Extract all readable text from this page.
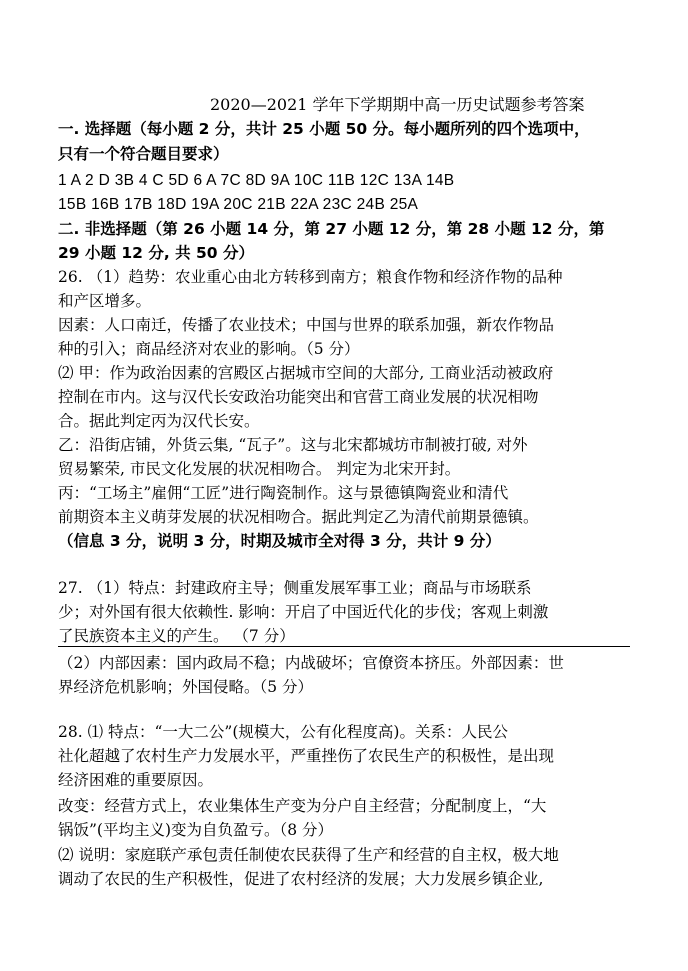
2020—2021 学年下学期期中高一历史试题参考答案
一. 选择题（每小题 2 分，共计 25 小题 50 分。每小题所列的四个选项中，
只有一个符合题目要求）
1 A 2 D 3B 4 C 5D 6 A 7C 8D 9A 10C 11B 12C 13A 14B
15B 16B 17B 18D 19A 20C 21B 22A 23C 24B 25A
二. 非选择题（第 26 小题 14 分，第 27 小题 12 分，第 28 小题 12 分，第
29 小题 12 分, 共 50 分）
26. （1）趋势：农业重心由北方转移到南方；粮食作物和经济作物的品种
和产区增多。
因素：人口南迁，传播了农业技术；中国与世界的联系加强，新农作物品
种的引入；商品经济对农业的影响。（5 分）
⑵ 甲：作为政治因素的宫殿区占据城市空间的大部分, 工商业活动被政府
控制在市内。这与汉代长安政治功能突出和官营工商业发展的状况相吻
合。据此判定丙为汉代长安。
乙：沿街店铺，外货云集, “瓦子”。这与北宋都城坊市制被打破, 对外
贸易繁荣, 市民文化发展的状况相吻合。 判定为北宋开封。
丙：“工场主”雇佣“工匠”进行陶瓷制作。这与景德镇陶瓷业和清代
前期资本主义萌芽发展的状况相吻合。据此判定乙为清代前期景德镇。
（信息 3 分，说明 3 分，时期及城市全对得 3 分，共计 9 分）
27. （1）特点：封建政府主导；侧重发展军事工业；商品与市场联系
少；对外国有很大依赖性. 影响：开启了中国近代化的步伐；客观上刺激
了民族资本主义的产生。 （7 分）
（2）内部因素：国内政局不稳；内战破坏；官僚资本挤压。外部因素：世
界经济危机影响；外国侵略。（5 分）
28. ⑴ 特点：“一大二公”(规模大，公有化程度高)。关系：人民公
社化超越了农村生产力发展水平，严重挫伤了农民生产的积极性，是出现
经济困难的重要原因。
改变：经营方式上，农业集体生产变为分户自主经营；分配制度上，“大
锅饭”(平均主义)变为自负盈亏。（8 分）
⑵ 说明：家庭联产承包责任制使农民获得了生产和经营的自主权，极大地
调动了农民的生产积极性，促进了农村经济的发展；大力发展乡镇企业,
